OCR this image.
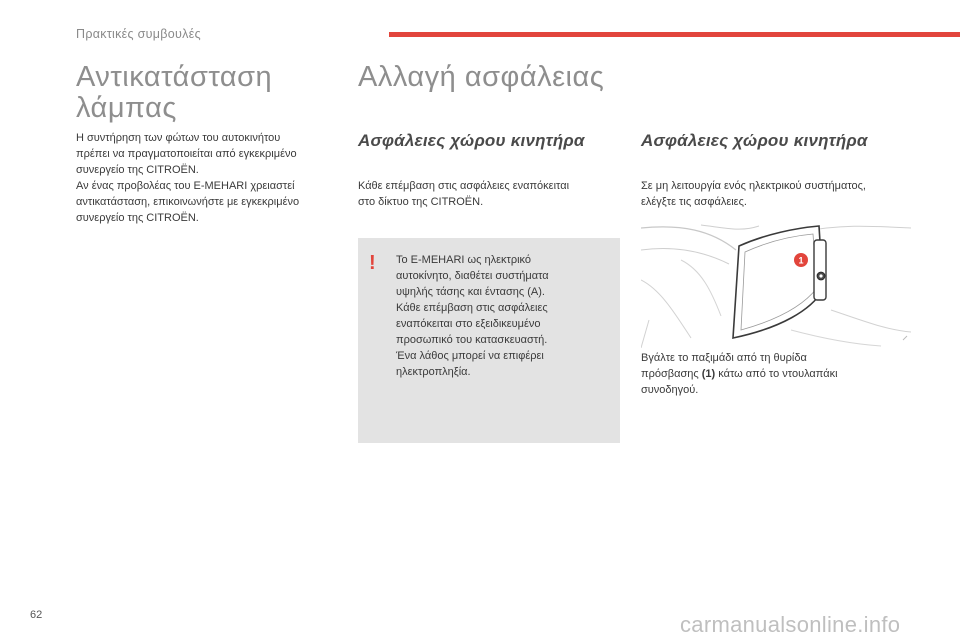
Πρακτικές συμβουλές
Αντικατάσταση
λάμπας

Η συντήρηση των φώτων του αυτοκινήτου
πρέπει να πραγματοποιείται από εγκεκριμένο
συνεργείο της CITROËN.

Αν ένας προβολέας του E-MEHARI χρειαστεί
αντικατάσταση, επικοινωνήστε με εγκεκριμένο
συνεργείο της CITROËN.

Αλλαγή ασφάλειας
Ασφάλειες χώρου κινητήρα

Κάθε επέμβαση στις ασφάλειες εναπόκειται
στο δίκτυο της CITROËN.

! Το E-MEHARI ως ηλεκτρικό
αυτοκίνητο, διαθέτει συστήματα
υψηλής τάσης και έντασης (A).
Κάθε επέμβαση στις ασφάλειες
εναπόκειται στο εξειδικευμένο
προσωπικό του κατασκευαστή.
Ένα λάθος μπορεί να επιφέρει
ηλεκτροπληξία.

Ασφάλειες χώρου κινητήρα

Σε μη λειτουργία ενός ηλεκτρικού συστήματος,
ελέγξτε τις ασφάλειες.

1

Βγάλτε το παξιμάδι από τη θυρίδα
πρόσβασης (1) κάτω από το ντουλαπάκι
συνοδηγού.

62	carmanualsonline.info
